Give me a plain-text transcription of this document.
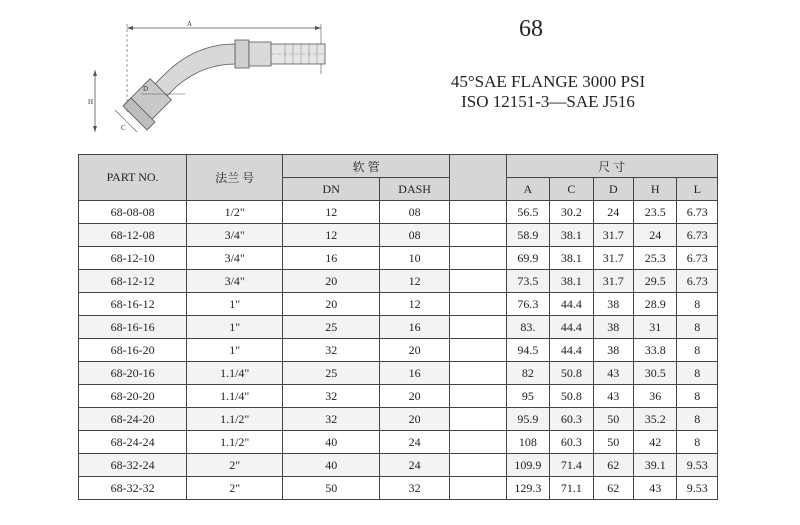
A
H
D
C
68
45°SAE FLANGE 3000 PSI
ISO 12151-3—SAE J516
PART NO.	法兰 号	软 管			尺 寸				
		DN	DASH		A	C	D	H	L
68-08-08	1/2"	12	08		56.5	30.2	24	23.5	6.73
68-12-08	3/4"	12	08		58.9	38.1	31.7	24	6.73
68-12-10	3/4"	16	10		69.9	38.1	31.7	25.3	6.73
68-12-12	3/4"	20	12		73.5	38.1	31.7	29.5	6.73
68-16-12	1"	20	12		76.3	44.4	38	28.9	8
68-16-16	1"	25	16		83.	44.4	38	31	8
68-16-20	1"	32	20		94.5	44.4	38	33.8	8
68-20-16	1.1/4"	25	16		82	50.8	43	30.5	8
68-20-20	1.1/4"	32	20		95	50.8	43	36	8
68-24-20	1.1/2"	32	20		95.9	60.3	50	35.2	8
68-24-24	1.1/2"	40	24		108	60.3	50	42	8
68-32-24	2"	40	24		109.9	71.4	62	39.1	9.53
68-32-32	2"	50	32		129.3	71.1	62	43	9.53
